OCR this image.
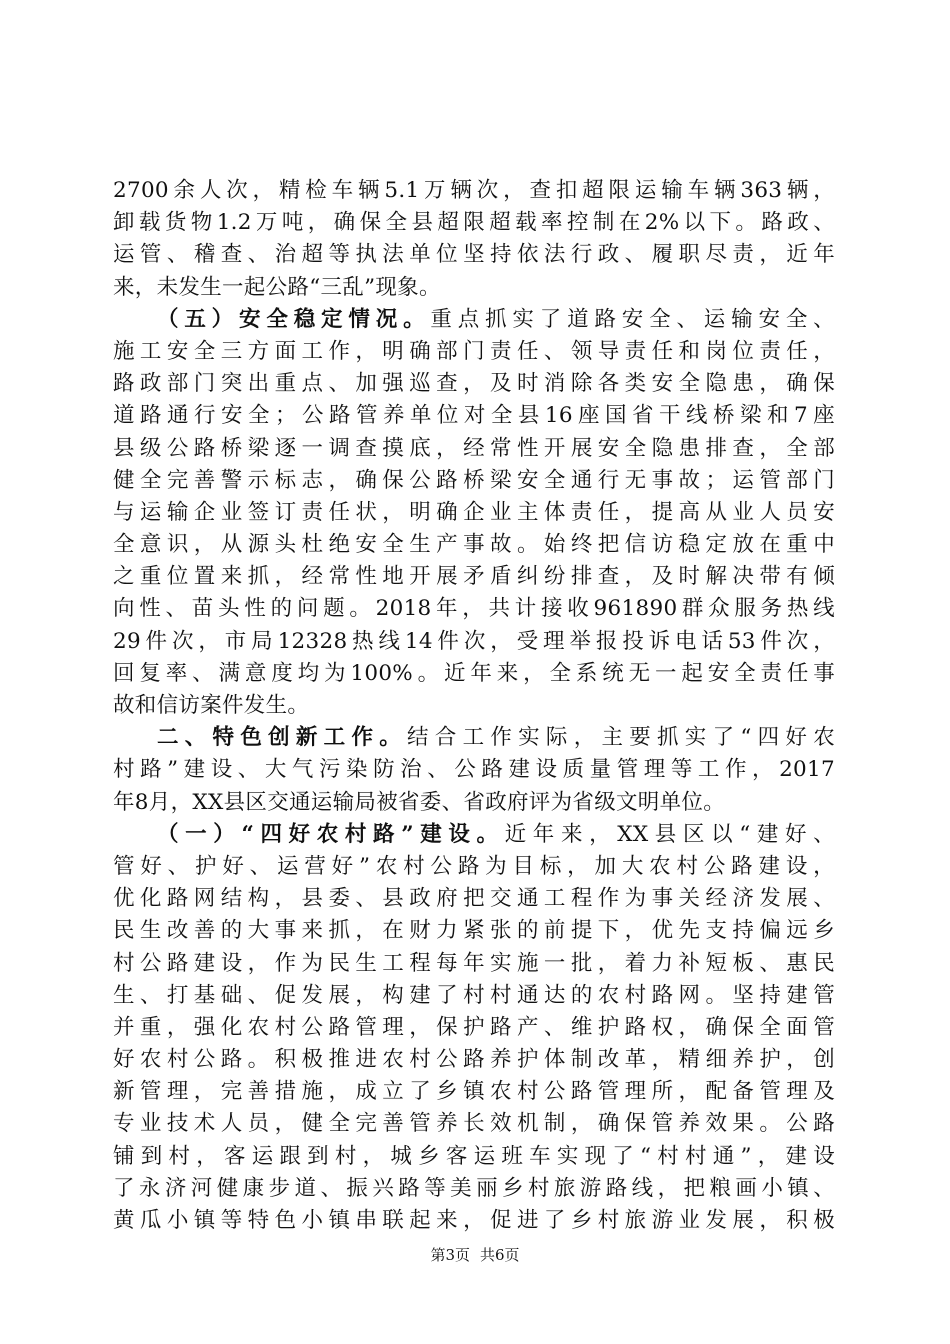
2700余人次，精检车辆5.1万辆次，查扣超限运输车辆363辆，
卸载货物1.2万吨，确保全县超限超载率控制在2%以下。路政、
运管、稽查、治超等执法单位坚持依法行政、履职尽责，近年
来，未发生一起公路“三乱”现象。
（五）安全稳定情况。重点抓实了道路安全、运输安全、
施工安全三方面工作，明确部门责任、领导责任和岗位责任，
路政部门突出重点、加强巡查，及时消除各类安全隐患，确保
道路通行安全；公路管养单位对全县16座国省干线桥梁和7座
县级公路桥梁逐一调查摸底，经常性开展安全隐患排查，全部
健全完善警示标志，确保公路桥梁安全通行无事故；运管部门
与运输企业签订责任状，明确企业主体责任，提高从业人员安
全意识，从源头杜绝安全生产事故。始终把信访稳定放在重中
之重位置来抓，经常性地开展矛盾纠纷排查，及时解决带有倾
向性、苗头性的问题。2018年，共计接收961890群众服务热线
29件次，市局12328热线14件次，受理举报投诉电话53件次，
回复率、满意度均为100%。近年来，全系统无一起安全责任事
故和信访案件发生。
二、特色创新工作。结合工作实际，主要抓实了“四好农
村路”建设、大气污染防治、公路建设质量管理等工作，2017
年8月，XX县区交通运输局被省委、省政府评为省级文明单位。
（一）“四好农村路”建设。近年来，XX县区以“建好、
管好、护好、运营好”农村公路为目标，加大农村公路建设，
优化路网结构，县委、县政府把交通工程作为事关经济发展、
民生改善的大事来抓，在财力紧张的前提下，优先支持偏远乡
村公路建设，作为民生工程每年实施一批，着力补短板、惠民
生、打基础、促发展，构建了村村通达的农村路网。坚持建管
并重，强化农村公路管理，保护路产、维护路权，确保全面管
好农村公路。积极推进农村公路养护体制改革，精细养护，创
新管理，完善措施，成立了乡镇农村公路管理所，配备管理及
专业技术人员，健全完善管养长效机制，确保管养效果。公路
铺到村，客运跟到村，城乡客运班车实现了“村村通”，建设
了永济河健康步道、振兴路等美丽乡村旅游路线，把粮画小镇、
黄瓜小镇等特色小镇串联起来，促进了乡村旅游业发展，积极
第3页 共6页
